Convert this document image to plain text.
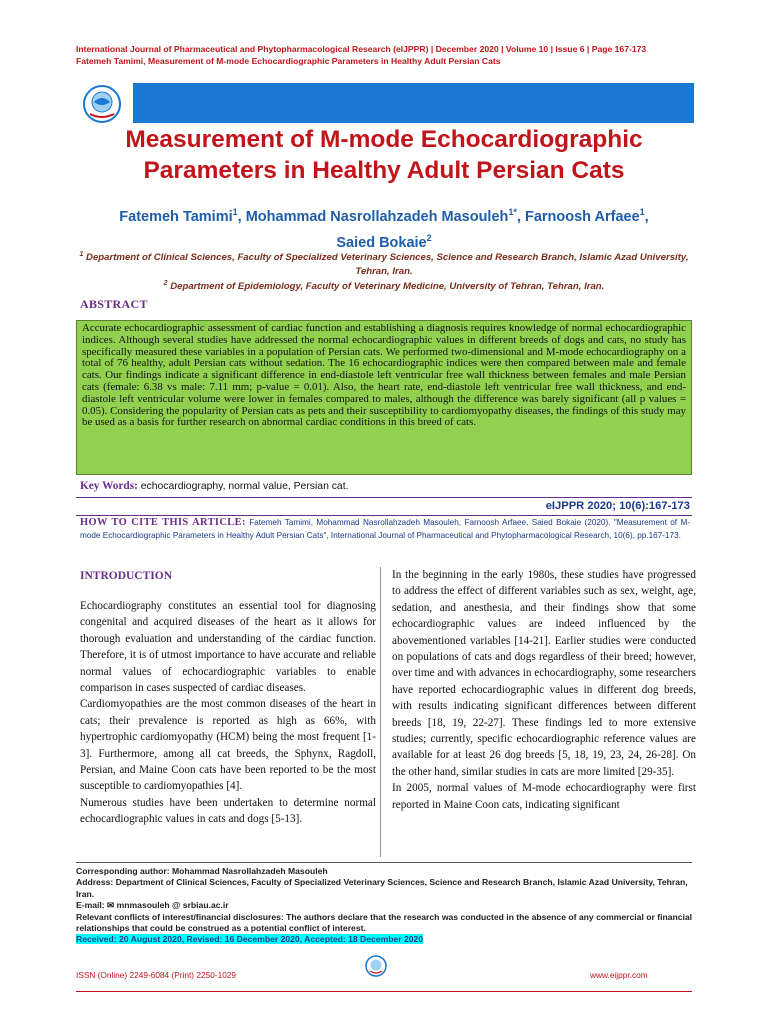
International Journal of Pharmaceutical and Phytopharmacological Research (eIJPPR) | December 2020 | Volume 10 | Issue 6 | Page 167-173
Fatemeh Tamimi, Measurement of M-mode Echocardiographic Parameters in Healthy Adult Persian Cats
Measurement of M-mode Echocardiographic Parameters in Healthy Adult Persian Cats
Fatemeh Tamimi$^1$, Mohammad Nasrollahzadeh Masouleh$^{1*}$, Farnoosh Arfaee$^1$,
Saied Bokaie$^2$
$^1$ Department of Clinical Sciences, Faculty of Specialized Veterinary Sciences, Science and Research Branch, Islamic Azad University, Tehran, Iran.
$^2$ Department of Epidemiology, Faculty of Veterinary Medicine, University of Tehran, Tehran, Iran.
ABSTRACT
Accurate echocardiographic assessment of cardiac function and establishing a diagnosis requires knowledge of normal echocardiographic indices. Although several studies have addressed the normal echocardiographic values in different breeds of dogs and cats, no study has specifically measured these variables in a population of Persian cats. We performed two-dimensional and M-mode echocardiography on a total of 76 healthy, adult Persian cats without sedation. The 16 echocardiographic indices were then compared between male and female cats. Our findings indicate a significant difference in end-diastole left ventricular free wall thickness between females and male Persian cats (female: 6.38 vs male: 7.11 mm; p-value = 0.01). Also, the heart rate, end-diastole left ventricular free wall thickness, and end-diastole left ventricular volume were lower in females compared to males, although the difference was barely significant (all p values = 0.05). Considering the popularity of Persian cats as pets and their susceptibility to cardiomyopathy diseases, the findings of this study may be used as a basis for further research on abnormal cardiac conditions in this breed of cats.
Key Words: echocardiography, normal value, Persian cat.
eIJPPR 2020; 10(6):167-173
HOW TO CITE THIS ARTICLE: Fatemeh Tamimi, Mohammad Nasrollahzadeh Masouleh, Farnoosh Arfaee, Saied Bokaie (2020). "Measurement of M-mode Echocardiographic Parameters in Healthy Adult Persian Cats", International Journal of Pharmaceutical and Phytopharmacological Research, 10(6), pp.167-173.
INTRODUCTION

Echocardiography constitutes an essential tool for diagnosing congenital and acquired diseases of the heart as it allows for thorough evaluation and understanding of the cardiac function. Therefore, it is of utmost importance to have accurate and reliable normal values of echocardiographic variables to enable comparison in cases suspected of cardiac diseases.

Cardiomyopathies are the most common diseases of the heart in cats; their prevalence is reported as high as 66%, with hypertrophic cardiomyopathy (HCM) being the most frequent [1-3]. Furthermore, among all cat breeds, the Sphynx, Ragdoll, Persian, and Maine Coon cats have been reported to be the most susceptible to cardiomyopathies [4].

Numerous studies have been undertaken to determine normal echocardiographic values in cats and dogs [5-13].

In the beginning in the early 1980s, these studies have progressed to address the effect of different variables such as sex, weight, age, sedation, and anesthesia, and their findings show that some echocardiographic values are indeed influenced by the abovementioned variables [14-21]. Earlier studies were conducted on populations of cats and dogs regardless of their breed; however, over time and with advances in echocardiography, some researchers have reported echocardiographic values in different dog breeds, with results indicating significant differences between different breeds [18, 19, 22-27]. These findings led to more extensive studies; currently, specific echocardiographic reference values are available for at least 26 dog breeds [5, 18, 19, 23, 24, 26-28]. On the other hand, similar studies in cats are more limited [29-35].

In 2005, normal values of M-mode echocardiography were first reported in Maine Coon cats, indicating significant

Corresponding author: Mohammad Nasrollahzadeh Masouleh
Address: Department of Clinical Sciences, Faculty of Specialized Veterinary Sciences, Science and Research Branch, Islamic Azad University, Tehran, Iran.
E-mail: ✉ mnmasouleh @ srbiau.ac.ir
Relevant conflicts of interest/financial disclosures: The authors declare that the research was conducted in the absence of any commercial or financial relationships that could be construed as a potential conflict of interest.
Received: 20 August 2020, Revised: 16 December 2020, Accepted: 18 December 2020
ISSN (Online) 2249-6084 (Print) 2250-1029	www.eijppr.com
